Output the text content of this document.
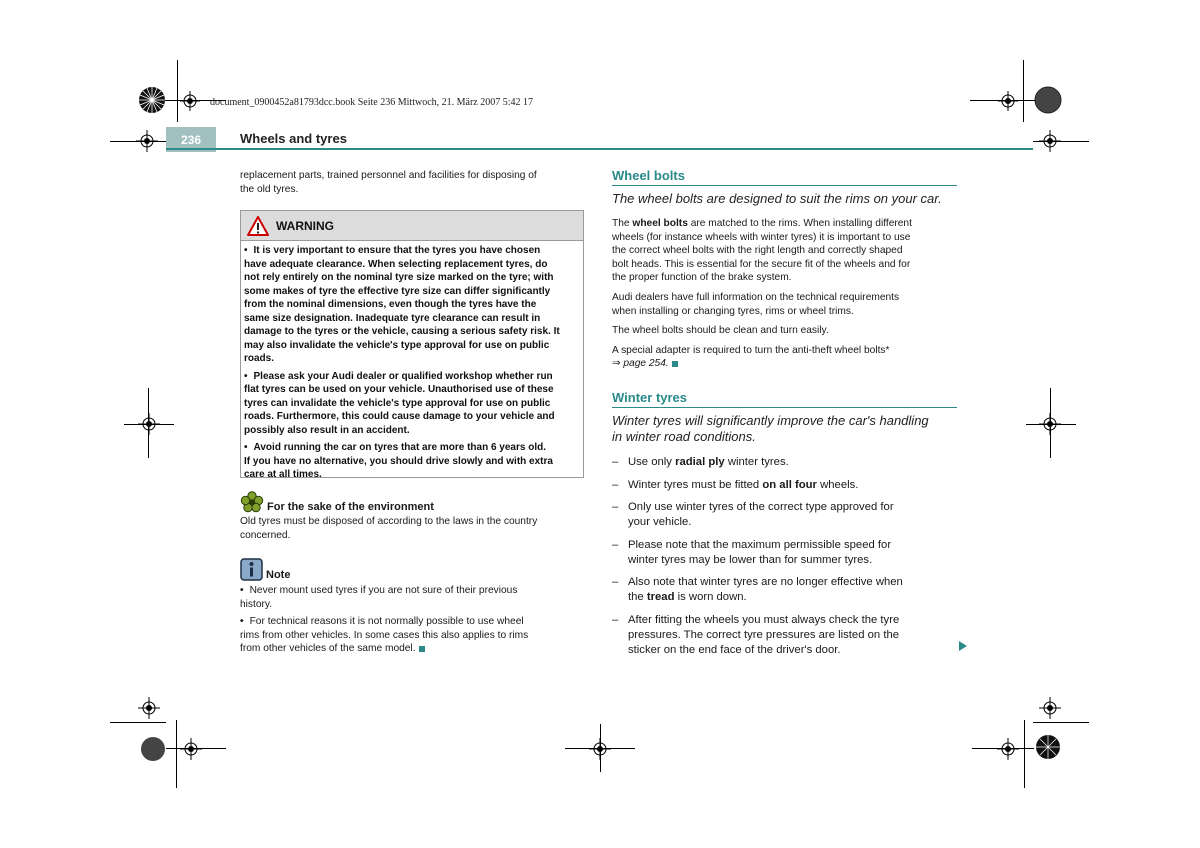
document_0900452a81793dcc.book Seite 236 Mittwoch, 21. März 2007 5:42 17
236	Wheels and tyres

replacement parts, trained personnel and facilities for disposing of

the old tyres.

WARNING

• It is very important to ensure that the tyres you have chosen
have adequate clearance. When selecting replacement tyres, do
not rely entirely on the nominal tyre size marked on the tyre; with
some makes of tyre the effective tyre size can differ significantly
from the nominal dimensions, even though the tyres have the
same size designation. Inadequate tyre clearance can result in
damage to the tyres or the vehicle, causing a serious safety risk. It
may also invalidate the vehicle's type approval for use on public
roads.

• Please ask your Audi dealer or qualified workshop whether run
flat tyres can be used on your vehicle. Unauthorised use of these
tyres can invalidate the vehicle's type approval for use on public
roads. Furthermore, this could cause damage to your vehicle and
possibly also result in an accident.

• Avoid running the car on tyres that are more than 6 years old.
If you have no alternative, you should drive slowly and with extra
care at all times.

For the sake of the environment

Old tyres must be disposed of according to the laws in the country

concerned.

Note

• Never mount used tyres if you are not sure of their previous
history.

• For technical reasons it is not normally possible to use wheel
rims from other vehicles. In some cases this also applies to rims
from other vehicles of the same model.

Wheel bolts
The wheel bolts are designed to suit the rims on your car.

The wheel bolts are matched to the rims. When installing different
wheels (for instance wheels with winter tyres) it is important to use
the correct wheel bolts with the right length and correctly shaped
bolt heads. This is essential for the secure fit of the wheels and for
the proper function of the brake system.

Audi dealers have full information on the technical requirements
when installing or changing tyres, rims or wheel trims.

The wheel bolts should be clean and turn easily.

A special adapter is required to turn the anti-theft wheel bolts*
⇒ page 254.

Winter tyres
Winter tyres will significantly improve the car's handling
in winter road conditions.
– Use only radial ply winter tyres.
– Winter tyres must be fitted on all four wheels.
– Only use winter tyres of the correct type approved for
your vehicle.
– Please note that the maximum permissible speed for
winter tyres may be lower than for summer tyres.
– Also note that winter tyres are no longer effective when
the tread is worn down.
– After fitting the wheels you must always check the tyre
pressures. The correct tyre pressures are listed on the
sticker on the end face of the driver's door.
